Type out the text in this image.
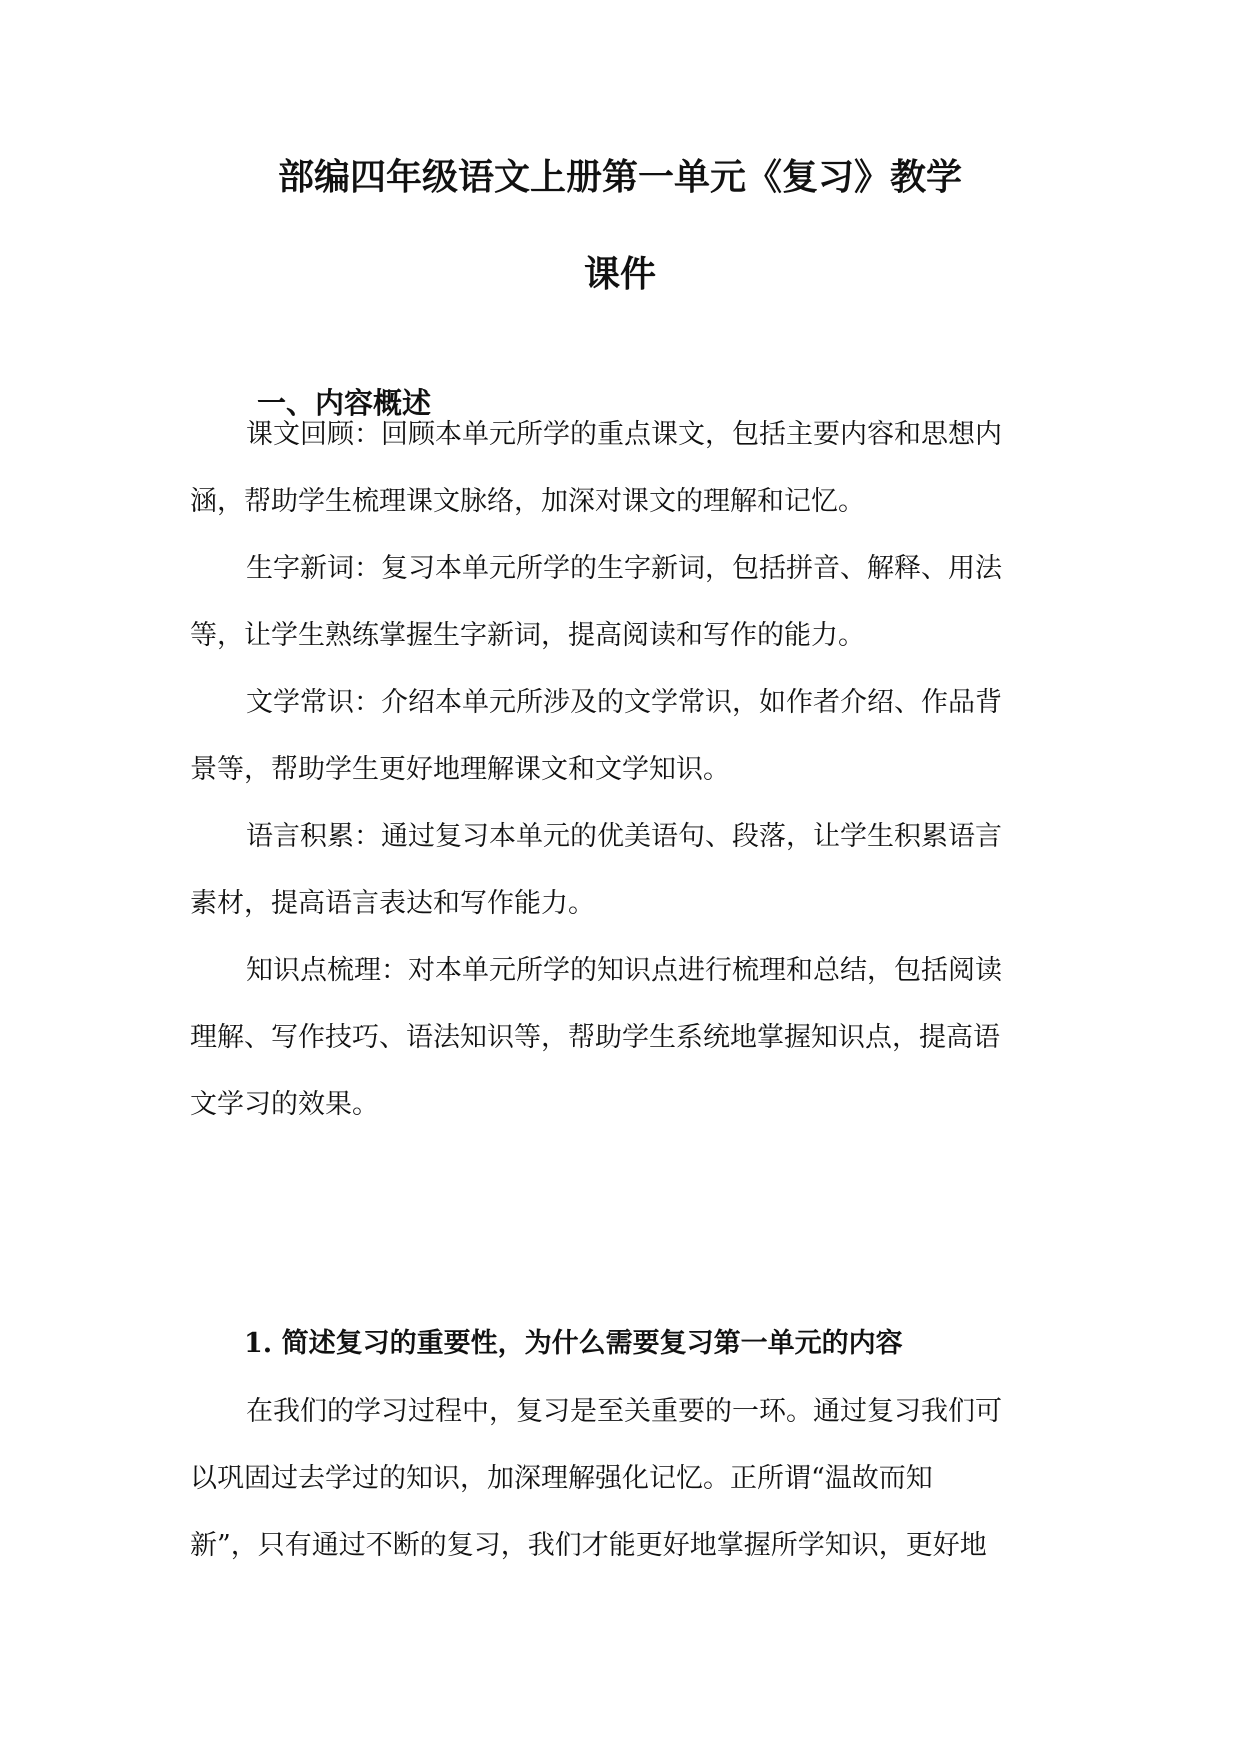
部编四年级语文上册第一单元《复习》教学
课件
一、内容概述
课文回顾：回顾本单元所学的重点课文，包括主要内容和思想内
涵，帮助学生梳理课文脉络，加深对课文的理解和记忆。
生字新词：复习本单元所学的生字新词，包括拼音、解释、用法
等，让学生熟练掌握生字新词，提高阅读和写作的能力。
文学常识：介绍本单元所涉及的文学常识，如作者介绍、作品背
景等，帮助学生更好地理解课文和文学知识。
语言积累：通过复习本单元的优美语句、段落，让学生积累语言
素材，提高语言表达和写作能力。
知识点梳理：对本单元所学的知识点进行梳理和总结，包括阅读
理解、写作技巧、语法知识等，帮助学生系统地掌握知识点，提高语
文学习的效果。
1. 简述复习的重要性，为什么需要复习第一单元的内容
在我们的学习过程中，复习是至关重要的一环。通过复习我们可
以巩固过去学过的知识，加深理解强化记忆。正所谓“温故而知
新”，只有通过不断的复习，我们才能更好地掌握所学知识，更好地
